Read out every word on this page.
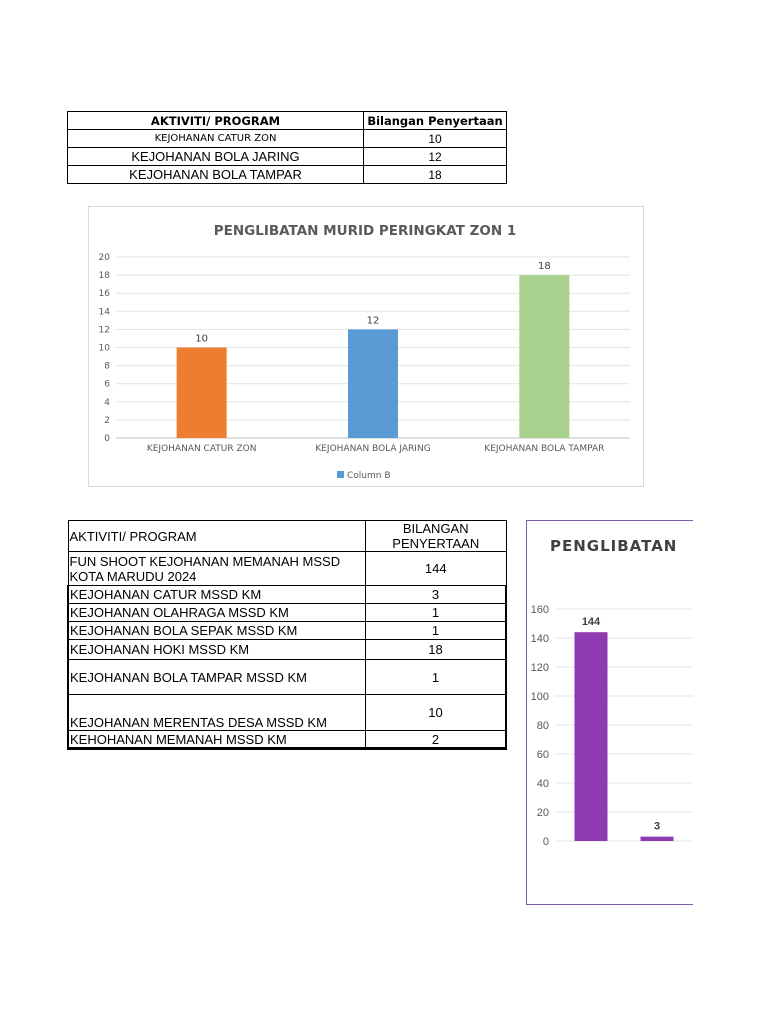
AKTIVITI/ PROGRAM	Bilangan Penyertaan
KEJOHANAN CATUR ZON	10
KEJOHANAN BOLA JARING	12
KEJOHANAN BOLA TAMPAR	18
PENGLIBATAN MURID PERINGKAT ZON 1
0
2
4
6
8
10
12
14
16
18
20
10
KEJOHANAN CATUR ZON
12
KEJOHANAN BOLA JARING
18
KEJOHANAN BOLA TAMPAR
Column B
AKTIVITI/ PROGRAM	BILANGAN PENYERTAAN
FUN SHOOT KEJOHANAN MEMANAH MSSD KOTA MARUDU 2024	144
KEJOHANAN CATUR MSSD KM	3
KEJOHANAN OLAHRAGA MSSD KM	1
KEJOHANAN BOLA SEPAK MSSD KM	1
KEJOHANAN HOKI MSSD KM	18
KEJOHANAN BOLA TAMPAR MSSD KM	1
KEJOHANAN MERENTAS DESA MSSD KM	10
KEHOHANAN MEMANAH MSSD KM	2
PENGLIBATAN
0
20
40
60
80
100
120
140
160
144
3
